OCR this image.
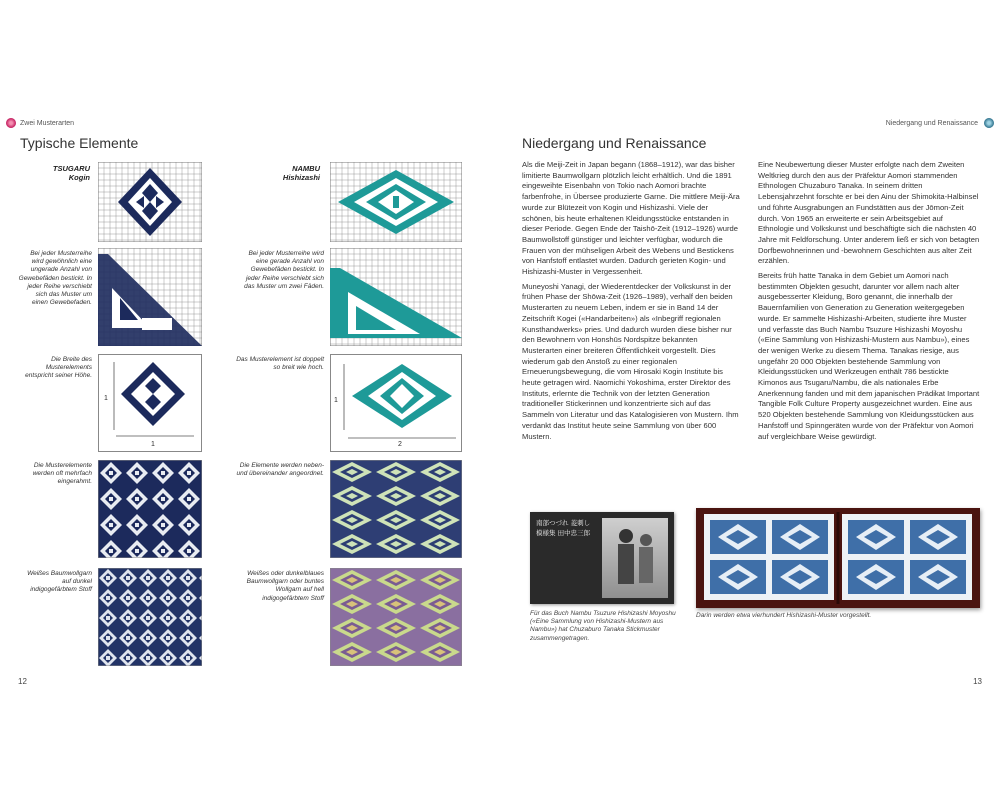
Zwei Musterarten
Typische Elemente
TSUGARU
Kogin
NAMBU
Hishizashi
Bei jeder Musterreihe wird gewöhnlich eine ungerade Anzahl von Gewebefäden bestickt. In jeder Reihe verschiebt sich das Muster um einen Gewebefaden.
Die Breite des Musterelements entspricht seiner Höhe.
1
1
Die Musterelemente werden oft mehrfach eingerahmt.
Weißes Baumwollgarn auf dunkel indigogefärbtem Stoff
Bei jeder Musterreihe wird eine gerade Anzahl von Gewebefäden bestickt. In jeder Reihe verschiebt sich das Muster um zwei Fäden.
Das Musterelement ist doppelt so breit wie hoch.
1
2
Die Elemente werden neben- und übereinander angeordnet.
Weißes oder dunkelblaues Baumwollgarn oder buntes Wollgarn auf hell indigogefärbtem Stoff
12
Niedergang und Renaissance
Niedergang und Renaissance

Als die Meiji-Zeit in Japan begann (1868–1912), war das bisher limitierte Baumwollgarn plötzlich leicht erhältlich. Und die 1891 eingeweihte Eisenbahn von Tokio nach Aomori brachte farbenfrohe, in Übersee produzierte Garne. Die mittlere Meiji-Ära wurde zur Blütezeit von Kogin und Hishizashi. Viele der schönen, bis heute erhaltenen Kleidungsstücke entstanden in dieser Periode. Gegen Ende der Taishō-Zeit (1912–1926) wurde Baumwollstoff günstiger und leichter verfügbar, wodurch die Frauen von der mühseligen Arbeit des Webens und Bestickens von Hanfstoff entlastet wurden. Dadurch gerieten Kogin- und Hishizashi-Muster in Vergessenheit.

Muneyoshi Yanagi, der Wiederentdecker der Volkskunst in der frühen Phase der Shōwa-Zeit (1926–1989), verhalf den beiden Musterarten zu neuem Leben, indem er sie in Band 14 der Zeitschrift Kogei («Handarbeiten») als «Inbegriff regionalen Kunsthandwerks» pries. Und dadurch wurden diese bisher nur den Bewohnern von Honshūs Nordspitze bekannten Musterarten einer breiteren Öffentlichkeit vorgestellt. Dies wiederum gab den Anstoß zu einer regionalen Erneuerungsbewegung, die vom Hirosaki Kogin Institute bis heute getragen wird. Naomichi Yokoshima, erster Direktor des Instituts, erlernte die Technik von der letzten Generation traditioneller Stickerinnen und konzentrierte sich auf das Sammeln von Literatur und das Katalogisieren von Mustern. Ihm verdankt das Institut heute seine Sammlung von über 600 Mustern.

Eine Neubewertung dieser Muster erfolgte nach dem Zweiten Weltkrieg durch den aus der Präfektur Aomori stammenden Ethnologen Chuzaburo Tanaka. In seinem dritten Lebensjahrzehnt forschte er bei den Ainu der Shimokita-Halbinsel und führte Ausgrabungen an Fundstätten aus der Jōmon-Zeit durch. Von 1965 an erweiterte er sein Arbeitsgebiet auf Ethnologie und Volkskunst und beschäftigte sich die nächsten 40 Jahre mit Feldforschung. Unter anderem ließ er sich von betagten Dorfbewohnerinnen und -bewohnern Geschichten aus alter Zeit erzählen.

Bereits früh hatte Tanaka in dem Gebiet um Aomori nach bestimmten Objekten gesucht, darunter vor allem nach alter ausgebesserter Kleidung, Boro genannt, die innerhalb der Bauernfamilien von Generation zu Generation weitergegeben wurde. Er sammelte Hishizashi-Arbeiten, studierte ihre Muster und verfasste das Buch Nambu Tsuzure Hishizashi Moyoshu («Eine Sammlung von Hishizashi-Mustern aus Nambu»), eines der wenigen Werke zu diesem Thema. Tanakas riesige, aus ungefähr 20 000 Objekten bestehende Sammlung von Kleidungsstücken und Werkzeugen enthält 786 bestickte Kimonos aus Tsugaru/Nambu, die als nationales Erbe Anerkennung fanden und mit dem japanischen Prädikat Important Tangible Folk Culture Property ausgezeichnet wurden. Eine aus 520 Objekten bestehende Sammlung von Kleidungsstücken aus Hanfstoff und Spinngeräten wurde von der Präfektur von Aomori auf vergleichbare Weise gewürdigt.

南部つづれ 菱刺し模様集 田中忠三郎
Für das Buch Nambu Tsuzure Hishizashi Moyoshu («Eine Sammlung von Hishizashi-Mustern aus Nambu») hat Chuzaburo Tanaka Stickmuster zusammengetragen.
Darin werden etwa vierhundert Hishizashi-Muster vorgestellt.
13
